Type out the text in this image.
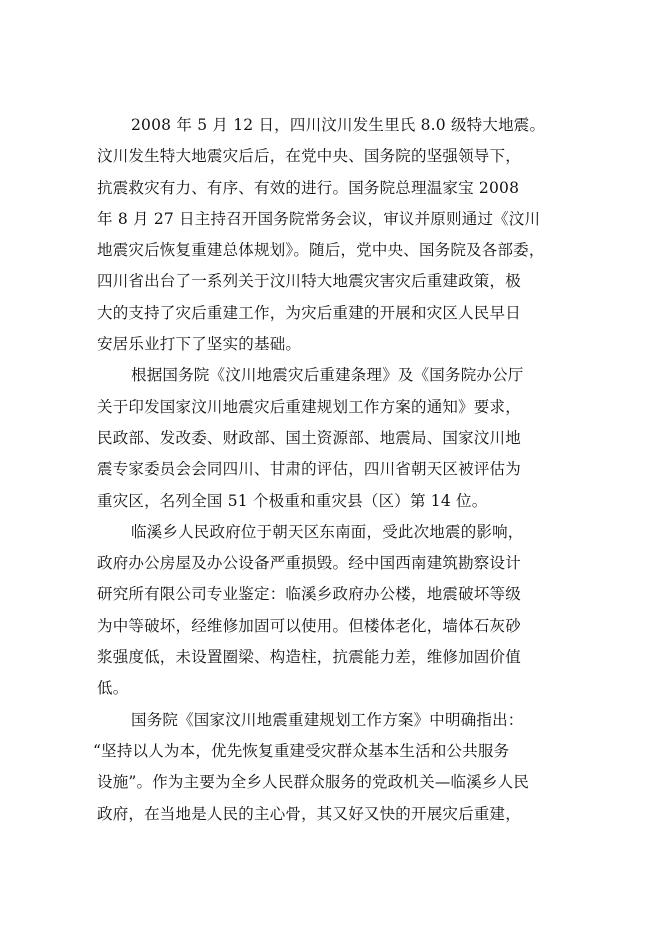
2008 年 5 月 12 日，四川汶川发生里氏 8.0 级特大地震。
汶川发生特大地震灾后后，在党中央、国务院的坚强领导下，
抗震救灾有力、有序、有效的进行。国务院总理温家宝 2008
年 8 月 27 日主持召开国务院常务会议，审议并原则通过《汶川
地震灾后恢复重建总体规划》。随后，党中央、国务院及各部委，
四川省出台了一系列关于汶川特大地震灾害灾后重建政策，极
大的支持了灾后重建工作，为灾后重建的开展和灾区人民早日
安居乐业打下了坚实的基础。

根据国务院《汶川地震灾后重建条理》及《国务院办公厅
关于印发国家汶川地震灾后重建规划工作方案的通知》要求，
民政部、发改委、财政部、国土资源部、地震局、国家汶川地
震专家委员会会同四川、甘肃的评估，四川省朝天区被评估为
重灾区，名列全国 51 个极重和重灾县（区）第 14 位。

临溪乡人民政府位于朝天区东南面，受此次地震的影响，
政府办公房屋及办公设备严重损毁。经中国西南建筑勘察设计
研究所有限公司专业鉴定：临溪乡政府办公楼，地震破坏等级
为中等破坏，经维修加固可以使用。但楼体老化，墙体石灰砂
浆强度低，未设置圈梁、构造柱，抗震能力差，维修加固价值
低。

国务院《国家汶川地震重建规划工作方案》中明确指出：
“坚持以人为本，优先恢复重建受灾群众基本生活和公共服务
设施”。作为主要为全乡人民群众服务的党政机关—临溪乡人民
政府，在当地是人民的主心骨，其又好又快的开展灾后重建，
